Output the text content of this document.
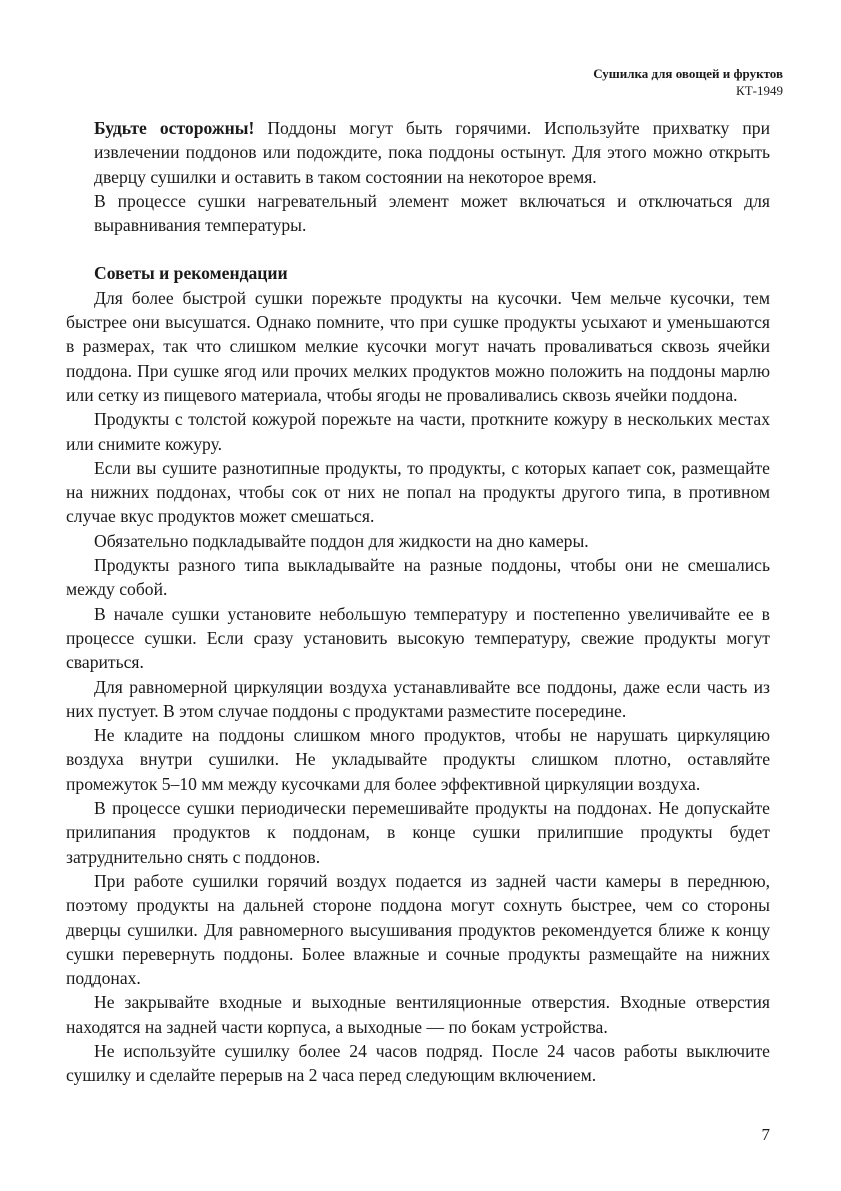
Сушилка для овощей и фруктов
КТ-1949

Будьте осторожны! Поддоны могут быть горячими. Используйте прихватку при извлечении поддонов или подождите, пока поддоны остынут. Для этого можно открыть дверцу сушилки и оставить в таком состоянии на некоторое время.

В процессе сушки нагревательный элемент может включаться и отключаться для выравнивания температуры.

Советы и рекомендации

Для более быстрой сушки порежьте продукты на кусочки. Чем мельче кусочки, тем быстрее они высушатся. Однако помните, что при сушке продукты усыхают и уменьшаются в размерах, так что слишком мелкие кусочки могут начать проваливаться сквозь ячейки поддона. При сушке ягод или прочих мелких продуктов можно положить на поддоны марлю или сетку из пищевого материала, чтобы ягоды не проваливались сквозь ячейки поддона.

Продукты с толстой кожурой порежьте на части, проткните кожуру в нескольких местах или снимите кожуру.

Если вы сушите разнотипные продукты, то продукты, с которых капает сок, размещайте на нижних поддонах, чтобы сок от них не попал на продукты другого типа, в противном случае вкус продуктов может смешаться.

Обязательно подкладывайте поддон для жидкости на дно камеры.

Продукты разного типа выкладывайте на разные поддоны, чтобы они не смешались между собой.

В начале сушки установите небольшую температуру и постепенно увеличивайте ее в процессе сушки. Если сразу установить высокую температуру, свежие продукты могут свариться.

Для равномерной циркуляции воздуха устанавливайте все поддоны, даже если часть из них пустует. В этом случае поддоны с продуктами разместите посередине.

Не кладите на поддоны слишком много продуктов, чтобы не нарушать циркуляцию воздуха внутри сушилки. Не укладывайте продукты слишком плотно, оставляйте промежуток 5–10 мм между кусочками для более эффективной циркуляции воздуха.

В процессе сушки периодически перемешивайте продукты на поддонах. Не допускайте прилипания продуктов к поддонам, в конце сушки прилипшие продукты будет затруднительно снять с поддонов.

При работе сушилки горячий воздух подается из задней части камеры в переднюю, поэтому продукты на дальней стороне поддона могут сохнуть быстрее, чем со стороны дверцы сушилки. Для равномерного высушивания продуктов рекомендуется ближе к концу сушки перевернуть поддоны. Более влажные и сочные продукты размещайте на нижних поддонах.

Не закрывайте входные и выходные вентиляционные отверстия. Входные отверстия находятся на задней части корпуса, а выходные — по бокам устройства.

Не используйте сушилку более 24 часов подряд. После 24 часов работы выключите сушилку и сделайте перерыв на 2 часа перед следующим включением.

7
